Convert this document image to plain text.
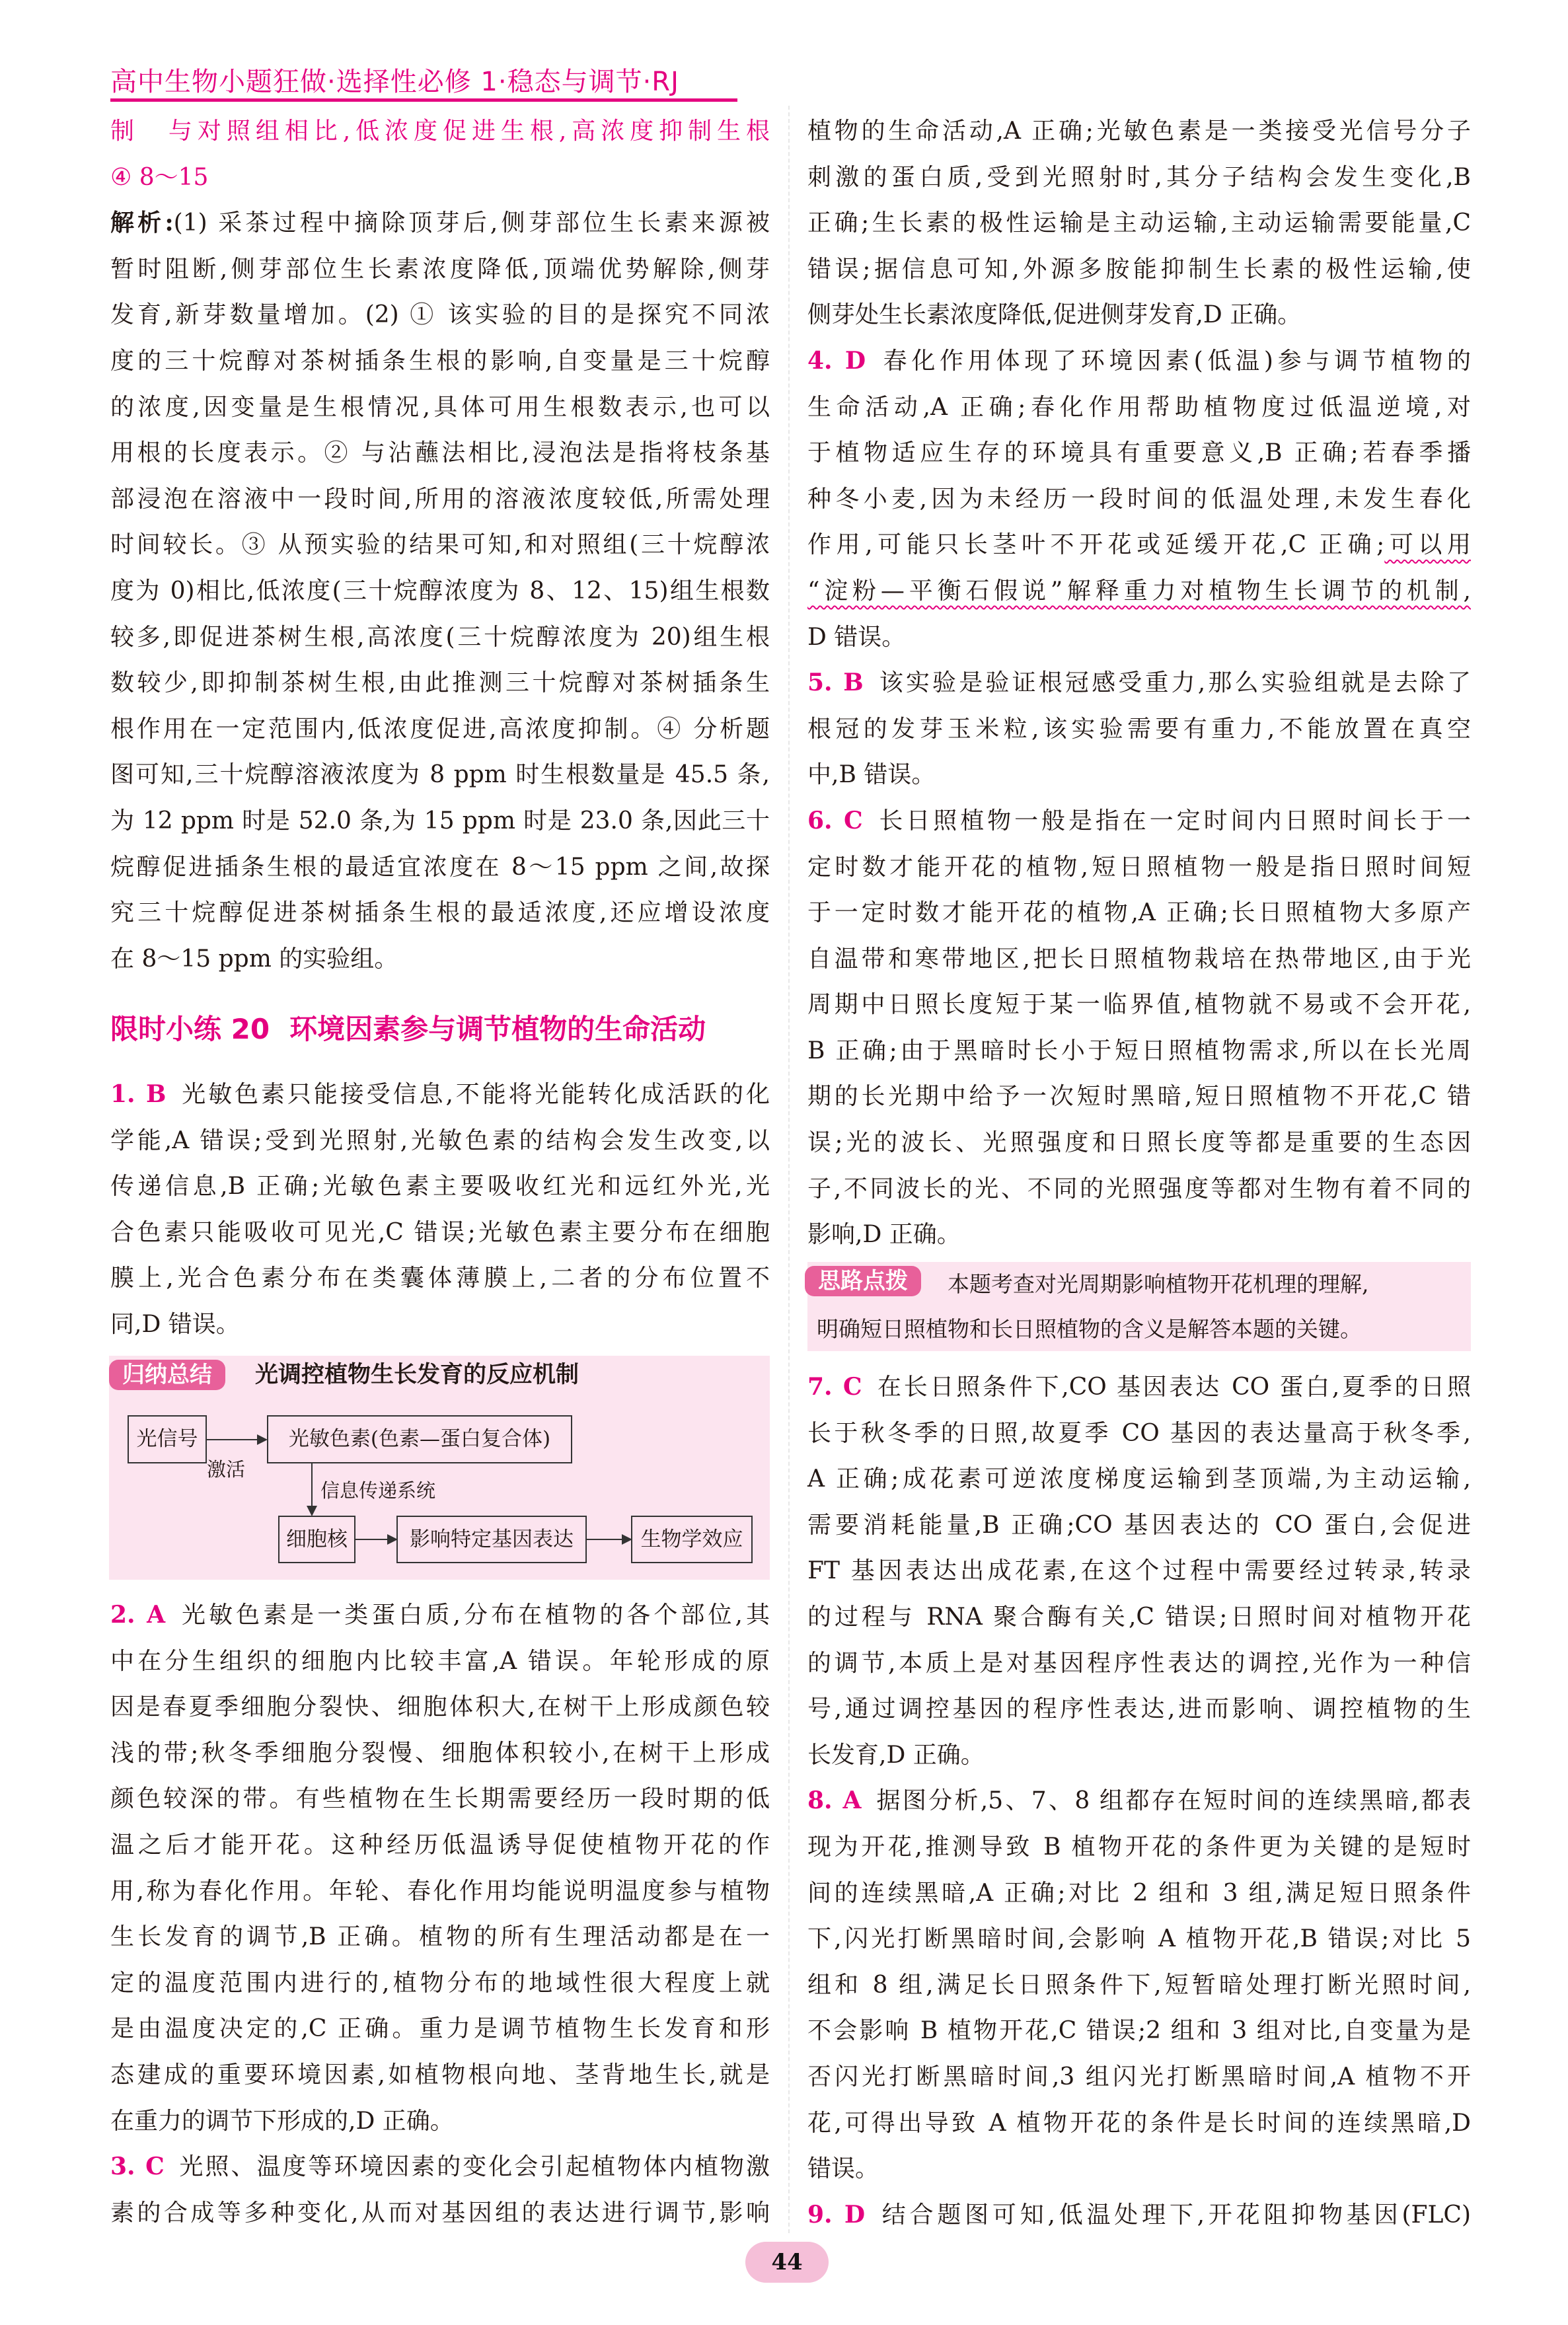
高中生物小题狂做·选择性必修 1·稳态与调节·RJ
制　与对照组相比,低浓度促进生根,高浓度抑制生根
④ 8～15
解析:(1) 采茶过程中摘除顶芽后,侧芽部位生长素来源被
暂时阻断,侧芽部位生长素浓度降低,顶端优势解除,侧芽
发育,新芽数量增加。(2) ① 该实验的目的是探究不同浓
度的三十烷醇对茶树插条生根的影响,自变量是三十烷醇
的浓度,因变量是生根情况,具体可用生根数表示,也可以
用根的长度表示。② 与沾蘸法相比,浸泡法是指将枝条基
部浸泡在溶液中一段时间,所用的溶液浓度较低,所需处理
时间较长。③ 从预实验的结果可知,和对照组(三十烷醇浓
度为 0)相比,低浓度(三十烷醇浓度为 8、12、15)组生根数
较多,即促进茶树生根,高浓度(三十烷醇浓度为 20)组生根
数较少,即抑制茶树生根,由此推测三十烷醇对茶树插条生
根作用在一定范围内,低浓度促进,高浓度抑制。④ 分析题
图可知,三十烷醇溶液浓度为 8 ppm 时生根数量是 45.5 条,
为 12 ppm 时是 52.0 条,为 15 ppm 时是 23.0 条,因此三十
烷醇促进插条生根的最适宜浓度在 8～15 ppm 之间,故探
究三十烷醇促进茶树插条生根的最适浓度,还应增设浓度
在 8～15 ppm 的实验组。
限时小练 20 环境因素参与调节植物的生命活动
1. B 光敏色素只能接受信息,不能将光能转化成活跃的化
学能,A 错误;受到光照射,光敏色素的结构会发生改变,以
传递信息,B 正确;光敏色素主要吸收红光和远红外光,光
合色素只能吸收可见光,C 错误;光敏色素主要分布在细胞
膜上,光合色素分布在类囊体薄膜上,二者的分布位置不
同,D 错误。
归纳总结	光调控植物生长发育的反应机制
光信号
激活
光敏色素(色素—蛋白复合体)
信息传递系统
细胞核	影响特定基因表达	生物学效应
2. A 光敏色素是一类蛋白质,分布在植物的各个部位,其
中在分生组织的细胞内比较丰富,A 错误。年轮形成的原
因是春夏季细胞分裂快、细胞体积大,在树干上形成颜色较
浅的带;秋冬季细胞分裂慢、细胞体积较小,在树干上形成
颜色较深的带。有些植物在生长期需要经历一段时期的低
温之后才能开花。这种经历低温诱导促使植物开花的作
用,称为春化作用。年轮、春化作用均能说明温度参与植物
生长发育的调节,B 正确。植物的所有生理活动都是在一
定的温度范围内进行的,植物分布的地域性很大程度上就
是由温度决定的,C 正确。重力是调节植物生长发育和形
态建成的重要环境因素,如植物根向地、茎背地生长,就是
在重力的调节下形成的,D 正确。
3. C 光照、温度等环境因素的变化会引起植物体内植物激
素的合成等多种变化,从而对基因组的表达进行调节,影响
植物的生命活动,A 正确;光敏色素是一类接受光信号分子
刺激的蛋白质,受到光照射时,其分子结构会发生变化,B
正确;生长素的极性运输是主动运输,主动运输需要能量,C
错误;据信息可知,外源多胺能抑制生长素的极性运输,使
侧芽处生长素浓度降低,促进侧芽发育,D 正确。
4. D 春化作用体现了环境因素(低温)参与调节植物的
生命活动,A 正确;春化作用帮助植物度过低温逆境,对
于植物适应生存的环境具有重要意义,B 正确;若春季播
种冬小麦,因为未经历一段时间的低温处理,未发生春化
作用,可能只长茎叶不开花或延缓开花,C 正确;可以用
“淀粉—平衡石假说”解释重力对植物生长调节的机制,
D 错误。
5. B 该实验是验证根冠感受重力,那么实验组就是去除了
根冠的发芽玉米粒,该实验需要有重力,不能放置在真空
中,B 错误。
6. C 长日照植物一般是指在一定时间内日照时间长于一
定时数才能开花的植物,短日照植物一般是指日照时间短
于一定时数才能开花的植物,A 正确;长日照植物大多原产
自温带和寒带地区,把长日照植物栽培在热带地区,由于光
周期中日照长度短于某一临界值,植物就不易或不会开花,
B 正确;由于黑暗时长小于短日照植物需求,所以在长光周
期的长光期中给予一次短时黑暗,短日照植物不开花,C 错
误;光的波长、光照强度和日照长度等都是重要的生态因
子,不同波长的光、不同的光照强度等都对生物有着不同的
影响,D 正确。
思路点拨	本题考查对光周期影响植物开花机理的理解,
明确短日照植物和长日照植物的含义是解答本题的关键。
7. C 在长日照条件下,CO 基因表达 CO 蛋白,夏季的日照
长于秋冬季的日照,故夏季 CO 基因的表达量高于秋冬季,
A 正确;成花素可逆浓度梯度运输到茎顶端,为主动运输,
需要消耗能量,B 正确;CO 基因表达的 CO 蛋白,会促进
FT 基因表达出成花素,在这个过程中需要经过转录,转录
的过程与 RNA 聚合酶有关,C 错误;日照时间对植物开花
的调节,本质上是对基因程序性表达的调控,光作为一种信
号,通过调控基因的程序性表达,进而影响、调控植物的生
长发育,D 正确。
8. A 据图分析,5、7、8 组都存在短时间的连续黑暗,都表
现为开花,推测导致 B 植物开花的条件更为关键的是短时
间的连续黑暗,A 正确;对比 2 组和 3 组,满足短日照条件
下,闪光打断黑暗时间,会影响 A 植物开花,B 错误;对比 5
组和 8 组,满足长日照条件下,短暂暗处理打断光照时间,
不会影响 B 植物开花,C 错误;2 组和 3 组对比,自变量为是
否闪光打断黑暗时间,3 组闪光打断黑暗时间,A 植物不开
花,可得出导致 A 植物开花的条件是长时间的连续黑暗,D
错误。
9. D 结合题图可知,低温处理下,开花阻抑物基因(FLC)
44
